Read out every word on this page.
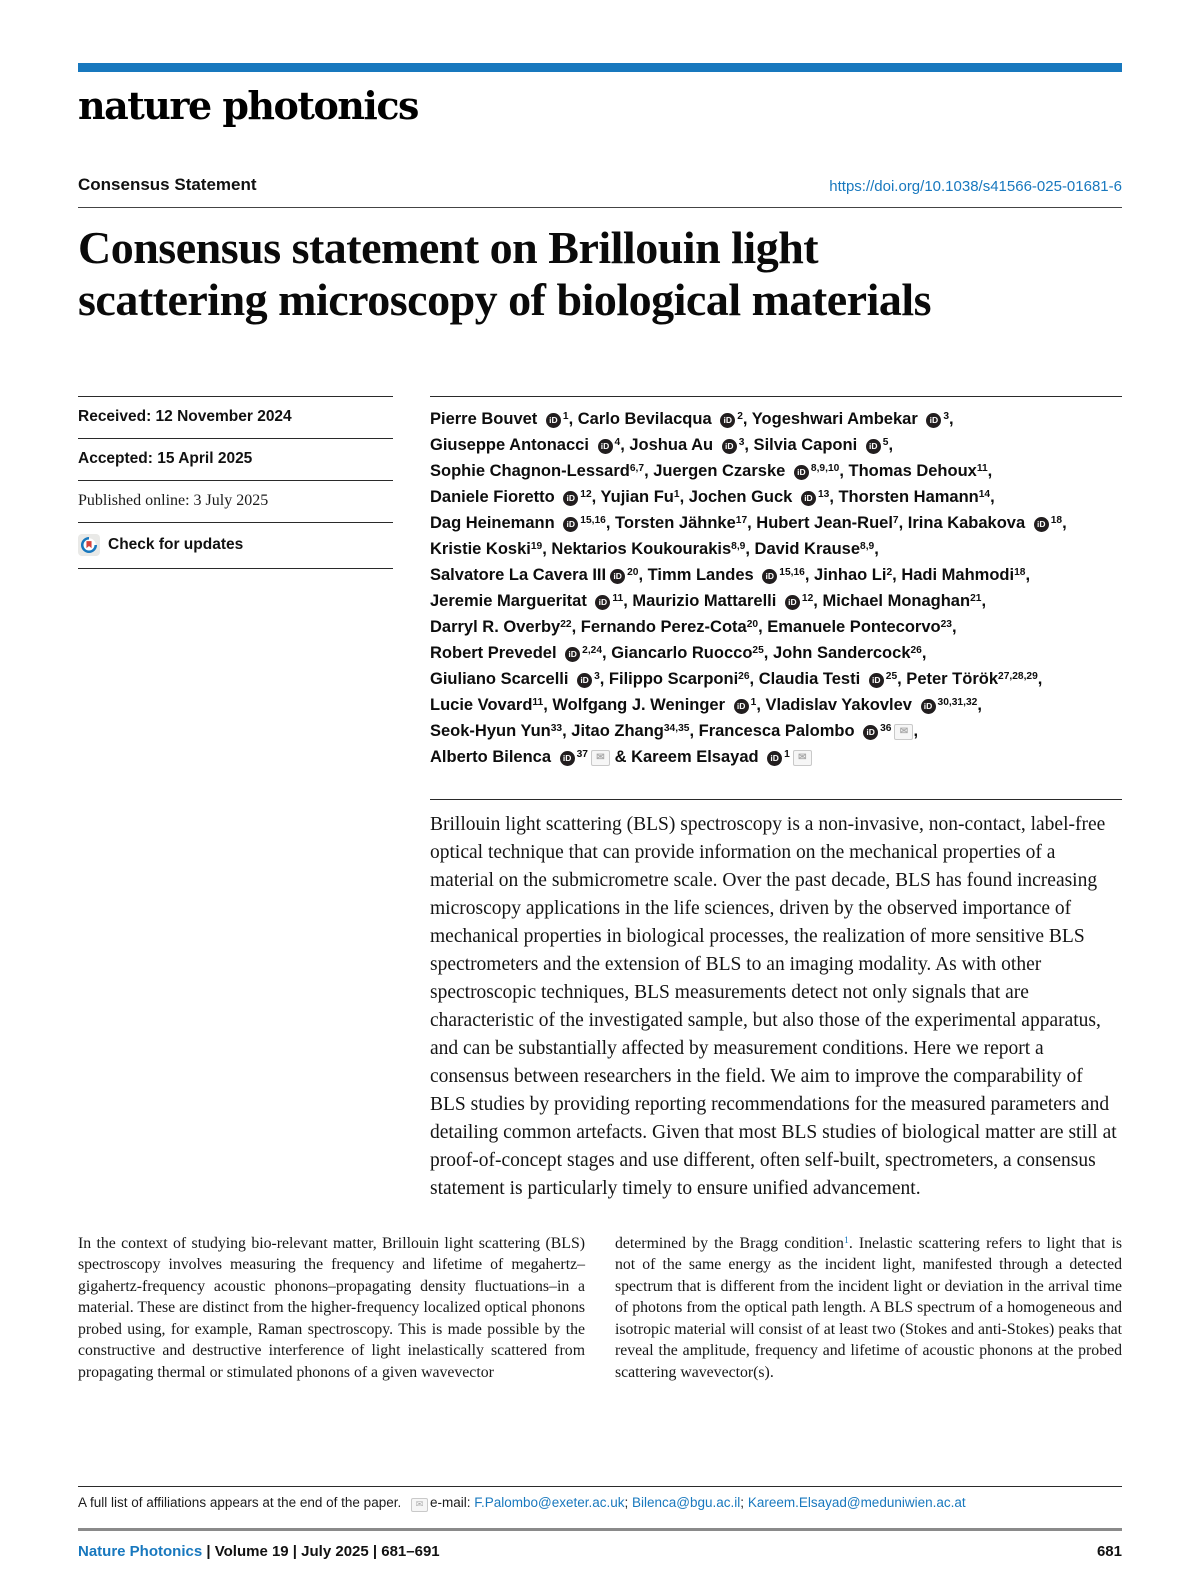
nature photonics
Consensus Statement	https://doi.org/10.1038/s41566-025-01681-6
Consensus statement on Brillouin light
scattering microscopy of biological materials
Received: 12 November 2024
Accepted: 15 April 2025
Published online: 3 July 2025
Check for updates
Pierre Bouvet iD $^1$, Carlo Bevilacqua iD $^2$, Yogeshwari Ambekar iD $^3$,
Giuseppe Antonacci iD $^4$, Joshua Au iD $^3$, Silvia Caponi iD $^5$,
Sophie Chagnon-Lessard$^{6,7}$, Juergen Czarske iD $^{8,9,10}$, Thomas Dehoux$^{11}$,
Daniele Fioretto iD $^{12}$, Yujian Fu$^1$, Jochen Guck iD $^{13}$, Thorsten Hamann$^{14}$,
Dag Heinemann iD $^{15,16}$, Torsten Jähnke$^{17}$, Hubert Jean-Ruel$^7$, Irina Kabakova iD $^{18}$,
Kristie Koski$^{19}$, Nektarios Koukourakis$^{8,9}$, David Krause$^{8,9}$,
Salvatore La Cavera III iD $^{20}$, Timm Landes iD $^{15,16}$, Jinhao Li$^2$, Hadi Mahmodi$^{18}$,
Jeremie Margueritat iD $^{11}$, Maurizio Mattarelli iD $^{12}$, Michael Monaghan$^{21}$,
Darryl R. Overby$^{22}$, Fernando Perez-Cota$^{20}$, Emanuele Pontecorvo$^{23}$,
Robert Prevedel iD $^{2,24}$, Giancarlo Ruocco$^{25}$, John Sandercock$^{26}$,
Giuliano Scarcelli iD $^3$, Filippo Scarponi$^{26}$, Claudia Testi iD $^{25}$, Peter Török$^{27,28,29}$,
Lucie Vovard$^{11}$, Wolfgang J. Weninger iD $^1$, Vladislav Yakovlev iD $^{30,31,32}$,
Seok-Hyun Yun$^{33}$, Jitao Zhang$^{34,35}$, Francesca Palombo iD $^{36}$ ✉ ,
Alberto Bilenca iD $^{37}$ ✉ & Kareem Elsayad iD $^1$ ✉

Brillouin light scattering (BLS) spectroscopy is a non-invasive, non-contact, label-free optical technique that can provide information on the mechanical properties of a material on the submicrometre scale. Over the past decade, BLS has found increasing microscopy applications in the life sciences, driven by the observed importance of mechanical properties in biological processes, the realization of more sensitive BLS spectrometers and the extension of BLS to an imaging modality. As with other spectroscopic techniques, BLS measurements detect not only signals that are characteristic of the investigated sample, but also those of the experimental apparatus, and can be substantially affected by measurement conditions. Here we report a consensus between researchers in the field. We aim to improve the comparability of BLS studies by providing reporting recommendations for the measured parameters and detailing common artefacts. Given that most BLS studies of biological matter are still at proof-of-concept stages and use different, often self-built, spectrometers, a consensus statement is particularly timely to ensure unified advancement.

In the context of studying bio-relevant matter, Brillouin light scattering (BLS) spectroscopy involves measuring the frequency and lifetime of megahertz–gigahertz-frequency acoustic phonons–propagating density fluctuations–in a material. These are distinct from the higher-frequency localized optical phonons probed using, for example, Raman spectroscopy. This is made possible by the constructive and destructive interference of light inelastically scattered from propagating thermal or stimulated phonons of a given wavevector
determined by the Bragg condition$^1$. Inelastic scattering refers to light that is not of the same energy as the incident light, manifested through a detected spectrum that is different from the incident light or deviation in the arrival time of photons from the optical path length. A BLS spectrum of a homogeneous and isotropic material will consist of at least two (Stokes and anti-Stokes) peaks that reveal the amplitude, frequency and lifetime of acoustic phonons at the probed scattering wavevector(s).
A full list of affiliations appears at the end of the paper. ✉ e-mail: F.Palombo@exeter.ac.uk; Bilenca@bgu.ac.il; Kareem.Elsayad@meduniwien.ac.at
Nature Photonics | Volume 19 | July 2025 | 681–691	681
